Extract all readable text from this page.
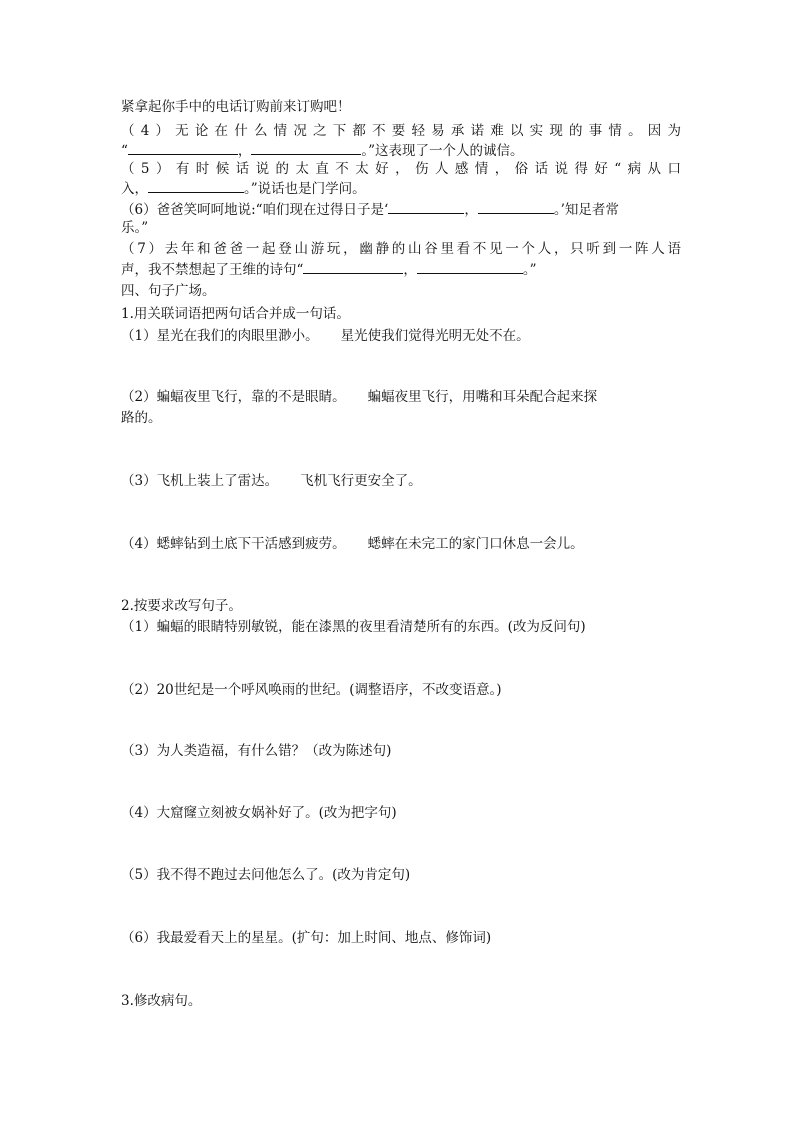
紧拿起你手中的电话订购前来订购吧！
（4）无论在什么情况之下都不要轻易承诺难以实现的事情。因为
“	，	。”这表现了一个人的诚信。
（5）有时候话说的太直不太好，伤人感情，俗话说得好“病从口
入，	。”说话也是门学问。
（6）爸爸笑呵呵地说:“咱们现在过得日子是‘	，	。’知足者常
乐。”
（7）去年和爸爸一起登山游玩，幽静的山谷里看不见一个人，只听到一阵人语
声，我不禁想起了王维的诗句“	，	。”
四、句子广场。
1.用关联词语把两句话合并成一句话。
（1）星光在我们的肉眼里渺小。 星光使我们觉得光明无处不在。
（2）蝙蝠夜里飞行，靠的不是眼睛。 蝙蝠夜里飞行，用嘴和耳朵配合起来探
路的。
（3）飞机上装上了雷达。 飞机飞行更安全了。
（4）蟋蟀钻到土底下干活感到疲劳。 蟋蟀在未完工的家门口休息一会儿。
2.按要求改写句子。
（1）蝙蝠的眼睛特别敏锐，能在漆黑的夜里看清楚所有的东西。(改为反问句)
（2）20世纪是一个呼风唤雨的世纪。(调整语序，不改变语意。)
（3）为人类造福，有什么错？（改为陈述句)
（4）大窟窿立刻被女娲补好了。(改为把字句)
（5）我不得不跑过去问他怎么了。(改为肯定句)
（6）我最爱看天上的星星。(扩句：加上时间、地点、修饰词)
3.修改病句。
